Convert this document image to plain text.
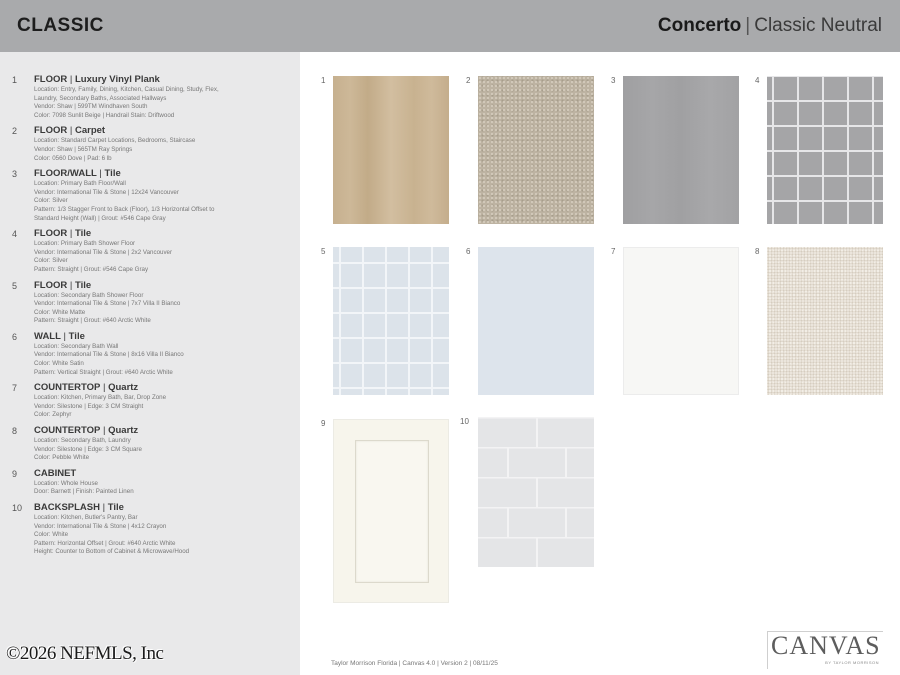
CLASSIC	Concerto | Classic Neutral
1	FLOOR | Luxury Vinyl Plank
Location: Entry, Family, Dining, Kitchen, Casual Dining, Study, Flex,
Laundry, Secondary Baths, Associated Hallways
Vendor: Shaw | 599TM Windhaven South
Color: 7098 Sunlit Beige | Handrail Stain: Driftwood
2	FLOOR | Carpet
Location: Standard Carpet Locations, Bedrooms, Staircase
Vendor: Shaw | 565TM Ray Springs
Color: 0560 Dove | Pad: 6 lb
3	FLOOR/WALL | Tile
Location: Primary Bath Floor/Wall
Vendor: International Tile & Stone | 12x24 Vancouver
Color: Silver
Pattern: 1/3 Stagger Front to Back (Floor), 1/3 Horizontal Offset to
Standard Height (Wall) | Grout: #546 Cape Gray
4	FLOOR | Tile
Location: Primary Bath Shower Floor
Vendor: International Tile & Stone | 2x2 Vancouver
Color: Silver
Pattern: Straight | Grout: #546 Cape Gray
5	FLOOR | Tile
Location: Secondary Bath Shower Floor
Vendor: International Tile & Stone | 7x7 Villa II Bianco
Color: White Matte
Pattern: Straight | Grout: #640 Arctic White
6	WALL | Tile
Location: Secondary Bath Wall
Vendor: International Tile & Stone | 8x16 Villa II Bianco
Color: White Satin
Pattern: Vertical Straight | Grout: #640 Arctic White
7	COUNTERTOP | Quartz
Location: Kitchen, Primary Bath, Bar, Drop Zone
Vendor: Silestone | Edge: 3 CM Straight
Color: Zephyr
8	COUNTERTOP | Quartz
Location: Secondary Bath, Laundry
Vendor: Silestone | Edge: 3 CM Square
Color: Pebble White
9	CABINET
Location: Whole House
Door: Barnett | Finish: Painted Linen
10	BACKSPLASH | Tile
Location: Kitchen, Butler's Pantry, Bar
Vendor: International Tile & Stone | 4x12 Crayon
Color: White
Pattern: Horizontal Offset | Grout: #640 Arctic White
Height: Counter to Bottom of Cabinet & Microwave/Hood
1	2	3	4
5	6	7	8
9	10
Taylor Morrison Florida | Canvas 4.0 | Version 2 | 08/11/25
CANVAS
BY TAYLOR MORRISON
©2026 NEFMLS, Inc
